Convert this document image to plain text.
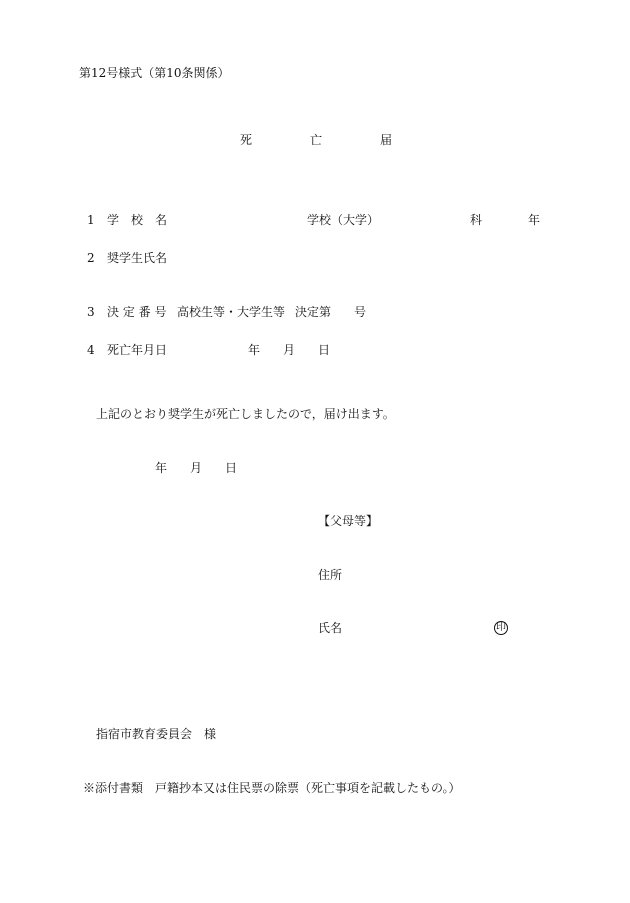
第12号様式（第10条関係）
死	亡	届
1 学　校　名	学校（大学）	科	年
2 奨学生氏名
3 決 定 番 号 高校生等・大学生等 決定第 号
4 死亡年月日	年 月 日
上記のとおり奨学生が死亡しましたので，届け出ます。
年 月 日
【父母等】
住所
氏名	印
指宿市教育委員会　様
※添付書類　戸籍抄本又は住民票の除票（死亡事項を記載したもの。）
